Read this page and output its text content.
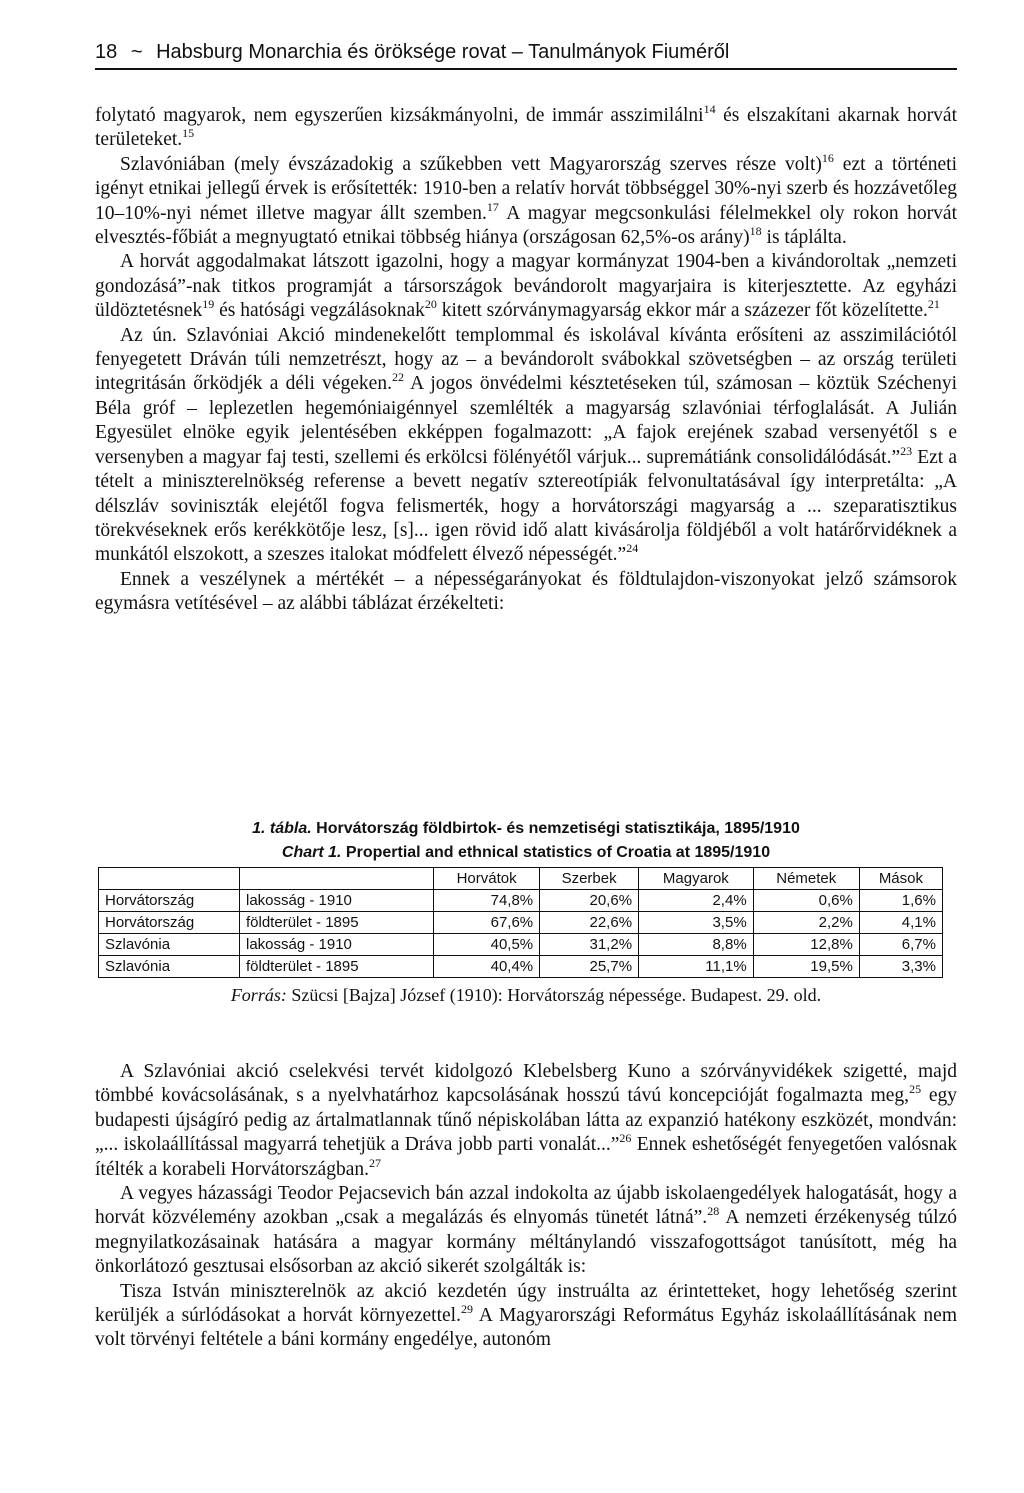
18 ~ Habsburg Monarchia és öröksége rovat – Tanulmányok Fiuméről

folytató magyarok, nem egyszerűen kizsákmányolni, de immár asszimilálni$^{14}$ és elszakítani akarnak horvát területeket.$^{15}$

Szlavóniában (mely évszázadokig a szűkebben vett Magyarország szerves része volt)$^{16}$ ezt a történeti igényt etnikai jellegű érvek is erősítették: 1910-ben a relatív horvát többséggel 30%-nyi szerb és hozzávetőleg 10–10%-nyi német illetve magyar állt szemben.$^{17}$ A magyar megcsonkulási félelmekkel oly rokon horvát elvesztés-főbiát a megnyugtató etnikai többség hiánya (országosan 62,5%-os arány)$^{18}$ is táplálta.

A horvát aggodalmakat látszott igazolni, hogy a magyar kormányzat 1904-ben a kivándoroltak „nemzeti gondozásá”-nak titkos programját a társországok bevándorolt magyarjaira is kiterjesztette. Az egyházi üldöztetésnek$^{19}$ és hatósági vegzálásoknak$^{20}$ kitett szórványmagyarság ekkor már a százezer főt közelítette.$^{21}$

Az ún. Szlavóniai Akció mindenekelőtt templommal és iskolával kívánta erősíteni az asszimilációtól fenyegetett Dráván túli nemzetrészt, hogy az – a bevándorolt svábokkal szövetségben – az ország területi integritásán őrködjék a déli végeken.$^{22}$ A jogos önvédelmi késztetéseken túl, számosan – köztük Széchenyi Béla gróf – leplezetlen hegemóniaigénnyel szemlélték a magyarság szlavóniai térfoglalását. A Julián Egyesület elnöke egyik jelentésében ekképpen fogalmazott: „A fajok erejének szabad versenyétől s e versenyben a magyar faj testi, szellemi és erkölcsi fölényétől várjuk... supremátiánk consolidálódását.”$^{23}$ Ezt a tételt a miniszterelnökség referense a bevett negatív sztereotípiák felvonultatásával így interpretálta: „A délszláv soviniszták elejétől fogva felismerték, hogy a horvátországi magyarság a ... szeparatisztikus törekvéseknek erős kerékkötője lesz, [s]... igen rövid idő alatt kivásárolja földjéből a volt határőrvidéknek a munkától elszokott, a szeszes italokat módfelett élvező népességét.”$^{24}$

Ennek a veszélynek a mértékét – a népességarányokat és földtulajdon-viszonyokat jelző számsorok egymásra vetítésével – az alábbi táblázat érzékelteti:

1. tábla. Horvátország földbirtok- és nemzetiségi statisztikája, 1895/1910
Chart 1. Propertial and ethnical statistics of Croatia at 1895/1910
		Horvátok	Szerbek	Magyarok	Németek	Mások
Horvátország	lakosság - 1910	74,8%	20,6%	2,4%	0,6%	1,6%
Horvátország	földterület - 1895	67,6%	22,6%	3,5%	2,2%	4,1%
Szlavónia	lakosság - 1910	40,5%	31,2%	8,8%	12,8%	6,7%
Szlavónia	földterület - 1895	40,4%	25,7%	11,1%	19,5%	3,3%
Forrás: Szücsi [Bajza] József (1910): Horvátország népessége. Budapest. 29. old.

A Szlavóniai akció cselekvési tervét kidolgozó Klebelsberg Kuno a szórványvidékek szigetté, majd tömbbé kovácsolásának, s a nyelvhatárhoz kapcsolásának hosszú távú koncepcióját fogalmazta meg,$^{25}$ egy budapesti újságíró pedig az ártalmatlannak tűnő népiskolában látta az expanzió hatékony eszközét, mondván: „... iskolaállítással magyarrá tehetjük a Dráva jobb parti vonalát...”$^{26}$ Ennek eshetőségét fenyegetően valósnak ítélték a korabeli Horvátországban.$^{27}$

A vegyes házassági Teodor Pejacsevich bán azzal indokolta az újabb iskolaengedélyek halogatását, hogy a horvát közvélemény azokban „csak a megalázás és elnyomás tünetét látná”.$^{28}$ A nemzeti érzékenység túlzó megnyilatkozásainak hatására a magyar kormány méltánylandó visszafogottságot tanúsított, még ha önkorlátozó gesztusai elsősorban az akció sikerét szolgálták is:

Tisza István miniszterelnök az akció kezdetén úgy instruálta az érintetteket, hogy lehetőség szerint kerüljék a súrlódásokat a horvát környezettel.$^{29}$ A Magyarországi Református Egyház iskolaállításának nem volt törvényi feltétele a báni kormány engedélye, autonóm
